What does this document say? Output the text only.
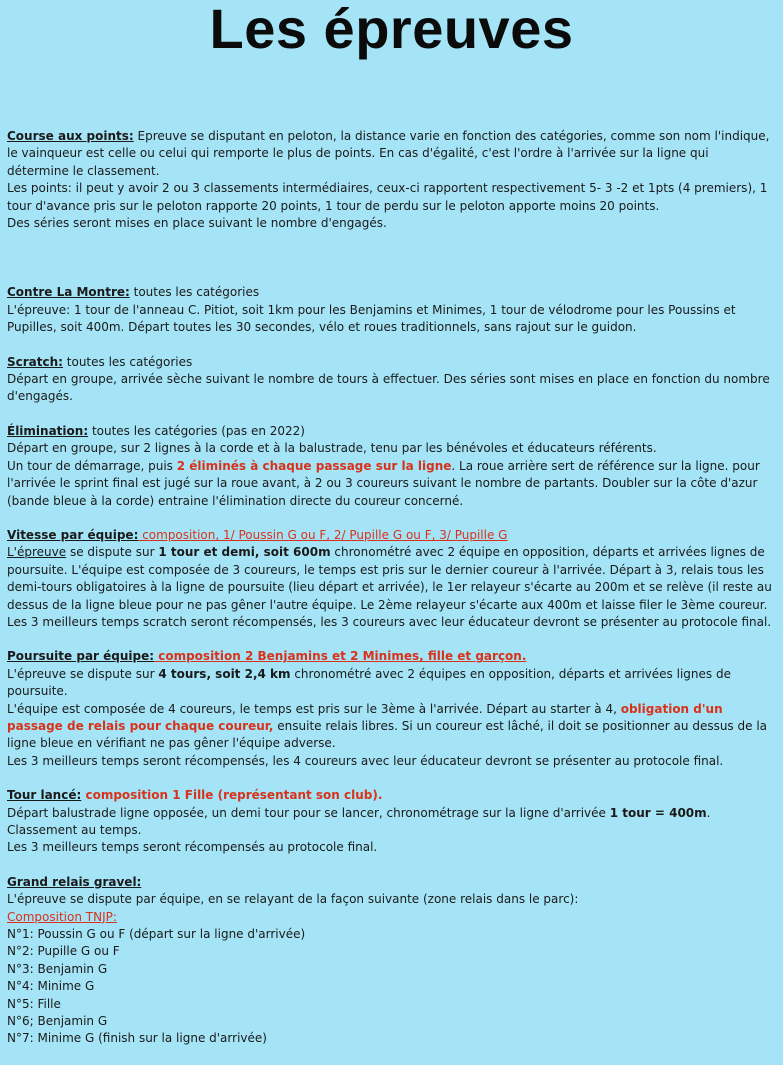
Les épreuves

Course aux points: Epreuve se disputant en peloton, la distance varie en fonction des catégories, comme son nom l'indique, le vainqueur est celle ou celui qui remporte le plus de points. En cas d'égalité, c'est l'ordre à l'arrivée sur la ligne qui détermine le classement.

Les points: il peut y avoir 2 ou 3 classements intermédiaires, ceux-ci rapportent respectivement 5- 3 -2 et 1pts (4 premiers), 1 tour d'avance pris sur le peloton rapporte 20 points, 1 tour de perdu sur le peloton apporte moins 20 points.

Des séries seront mises en place suivant le nombre d'engagés.

Contre La Montre: toutes les catégories

L'épreuve: 1 tour de l'anneau C. Pitiot, soit 1km pour les Benjamins et Minimes, 1 tour de vélodrome pour les Poussins et Pupilles, soit 400m. Départ toutes les 30 secondes, vélo et roues traditionnels, sans rajout sur le guidon.

Scratch: toutes les catégories

Départ en groupe, arrivée sèche suivant le nombre de tours à effectuer. Des séries sont mises en place en fonction du nombre d'engagés.

Élimination: toutes les catégories (pas en 2022)

Départ en groupe, sur 2 lignes à la corde et à la balustrade, tenu par les bénévoles et éducateurs référents.

Un tour de démarrage, puis 2 éliminés à chaque passage sur la ligne. La roue arrière sert de référence sur la ligne. pour l'arrivée le sprint final est jugé sur la roue avant, à 2 ou 3 coureurs suivant le nombre de partants. Doubler sur la côte d'azur (bande bleue à la corde) entraine l'élimination directe du coureur concerné.

Vitesse par équipe: composition, 1/ Poussin G ou F, 2/ Pupille G ou F, 3/ Pupille G

L'épreuve se dispute sur 1 tour et demi, soit 600m chronométré avec 2 équipe en opposition, départs et arrivées lignes de poursuite. L'équipe est composée de 3 coureurs, le temps est pris sur le dernier coureur à l'arrivée. Départ à 3, relais tous les demi-tours obligatoires à la ligne de poursuite (lieu départ et arrivée), le 1er relayeur s'écarte au 200m et se relève (il reste au dessus de la ligne bleue pour ne pas gêner l'autre équipe. Le 2ème relayeur s'écarte aux 400m et laisse filer le 3ème coureur.

Les 3 meilleurs temps scratch seront récompensés, les 3 coureurs avec leur éducateur devront se présenter au protocole final.

Poursuite par équipe: composition 2 Benjamins et 2 Minimes, fille et garçon.

L'épreuve se dispute sur 4 tours, soit 2,4 km chronométré avec 2 équipes en opposition, départs et arrivées lignes de poursuite.

L'équipe est composée de 4 coureurs, le temps est pris sur le 3ème à l'arrivée. Départ au starter à 4, obligation d'un passage de relais pour chaque coureur, ensuite relais libres. Si un coureur est lâché, il doit se positionner au dessus de la ligne bleue en vérifiant ne pas gêner l'équipe adverse.

Les 3 meilleurs temps seront récompensés, les 4 coureurs avec leur éducateur devront se présenter au protocole final.

Tour lancé: composition 1 Fille (représentant son club).

Départ balustrade ligne opposée, un demi tour pour se lancer, chronométrage sur la ligne d'arrivée 1 tour = 400m. Classement au temps.

Les 3 meilleurs temps seront récompensés au protocole final.

Grand relais gravel:

L'épreuve se dispute par équipe, en se relayant de la façon suivante (zone relais dans le parc):

Composition TNJP:

N°1: Poussin G ou F (départ sur la ligne d'arrivée)

N°2: Pupille G ou F

N°3: Benjamin G

N°4: Minime G

N°5: Fille

N°6; Benjamin G

N°7: Minime G (finish sur la ligne d'arrivée)
